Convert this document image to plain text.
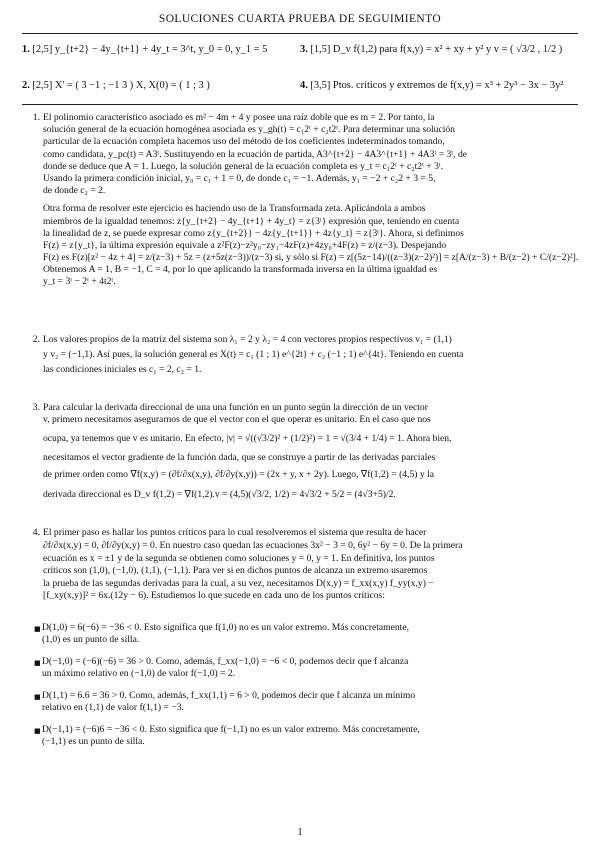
SOLUCIONES CUARTA PRUEBA DE SEGUIMIENTO
1. [2,5] y_{t+2} − 4y_{t+1} + 4y_t = 3^t, y_0 = 0, y_1 = 5	3. [1,5] D_v f(1,2) para f(x,y) = x² + xy + y² y v = ( √3/2 , 1/2 )
2. [2,5] X' = ( 3 −1 ; −1 3 ) X, X(0) = ( 1 ; 3 )	4. [3,5] Ptos. críticos y extremos de f(x,y) = x³ + 2y³ − 3x − 3y²
1. El polinomio característico asociado es m² − 4m + 4 y posee una raíz doble que es m = 2. Por tanto, la
solución general de la ecuación homogénea asociada es y_gh(t) = c₁2ᵗ + c₂t2ᵗ. Para determinar una solución
particular de la ecuación completa hacemos uso del método de los coeficientes indeterminados tomando,
como candidata, y_pc(t) = A3ᵗ. Sustituyendo en la ecuación de partida, A3^{t+2} − 4A3^{t+1} + 4A3ᵗ = 3ᵗ, de
donde se deduce que A = 1. Luego, la solución general de la ecuación completa es y_t = c₁2ᵗ + c₂t2ᵗ + 3ᵗ.
Usando la primera condición inicial, y₀ = c₁ + 1 = 0, de donde c₁ = −1. Además, y₁ = −2 + c₂2 + 3 = 5,
de donde c₂ = 2.
Otra forma de resolver este ejercicio es haciendo uso de la Transformada zeta. Aplicándola a ambos
miembros de la igualdad tenemos: z{y_{t+2} − 4y_{t+1} + 4y_t} = z{3ᵗ} expresión que, teniendo en cuenta
la linealidad de z, se puede expresar como z{y_{t+2}} − 4z{y_{t+1}} + 4z{y_t} = z{3ᵗ}. Ahora, si definimos
F(z) = z{y_t}, la última expresión equivale a z²F(z)−z²y₀−zy₁−4zF(z)+4zy₀+4F(z) = z/(z−3). Despejando
F(z) es F(z)[z² − 4z + 4] = z/(z−3) + 5z = (z+5z(z−3))/(z−3) si, y sólo si F(z) = z[(5z−14)/((z−3)(z−2)²)] = z[A/(z−3) + B/(z−2) + C/(z−2)²].
Obtenemos A = 1, B = −1, C = 4, por lo que aplicando la transformada inversa en la última igualdad es
y_t = 3ᵗ − 2ᵗ + 4t2ᵗ.
2. Los valores propios de la matriz del sistema son λ₁ = 2 y λ₂ = 4 con vectores propios respectivos v₁ = (1,1)
y v₂ = (−1,1). Así pues, la solución general es X(t) = c₁ (1 ; 1) e^{2t} + c₂ (−1 ; 1) e^{4t}. Teniendo en cuenta
las condiciones iniciales es c₁ = 2, c₂ = 1.
3. Para calcular la derivada direccional de una una función en un punto según la dirección de un vector
v, primero necesitamos asegurarnos de que el vector con el que operar es unitario. En el caso que nos
ocupa, ya tenemos que v es unitario. En efecto, |v| = √((√3/2)² + (1/2)²) = 1 = √(3/4 + 1/4) = 1. Ahora bien,
necesitamos el vector gradiente de la función dada, que se construye a partir de las derivadas parciales
de primer orden como ∇f(x,y) = (∂f/∂x(x,y), ∂f/∂y(x,y)) = (2x + y, x + 2y). Luego, ∇f(1,2) = (4,5) y la
derivada direccional es D_v f(1,2) = ∇f(1,2).v = (4,5)(√3/2, 1/2) = 4√3/2 + 5/2 = (4√3+5)/2.
4. El primer paso es hallar los puntos críticos para lo cual resolveremos el sistema que resulta de hacer
∂f/∂x(x,y) = 0, ∂f/∂y(x,y) = 0. En nuestro caso quedan las ecuaciones 3x² − 3 = 0, 6y² − 6y = 0. De la primera
ecuación es x = ±1 y de la segunda se obtienen como soluciones y = 0, y = 1. En definitiva, los puntos
críticos son (1,0), (−1,0), (1,1), (−1,1). Para ver si en dichos puntos de alcanza un extremo usaremos
la prueba de las segundas derivadas para la cual, a su vez, necesitamos D(x,y) = f_xx(x,y) f_yy(x,y) −
[f_xy(x,y)]² = 6x.(12y − 6). Estudiemos lo que sucede en cada uno de los puntos críticos:
■ D(1,0) = 6(−6) = −36 < 0. Esto significa que f(1,0) no es un valor extremo. Más concretamente,
(1,0) es un punto de silla.
■ D(−1,0) = (−6)(−6) = 36 > 0. Como, además, f_xx(−1,0) = −6 < 0, podemos decir que f alcanza
un máximo relativo en (−1,0) de valor f(−1,0) = 2.
■ D(1,1) = 6.6 = 36 > 0. Como, además, f_xx(1,1) = 6 > 0, podemos decir que f alcanza un mínimo
relativo en (1,1) de valor f(1,1) = −3.
■ D(−1,1) = (−6)6 = −36 < 0. Esto significa que f(−1,1) no es un valor extremo. Más concretamente,
(−1,1) es un punto de silla.
1
